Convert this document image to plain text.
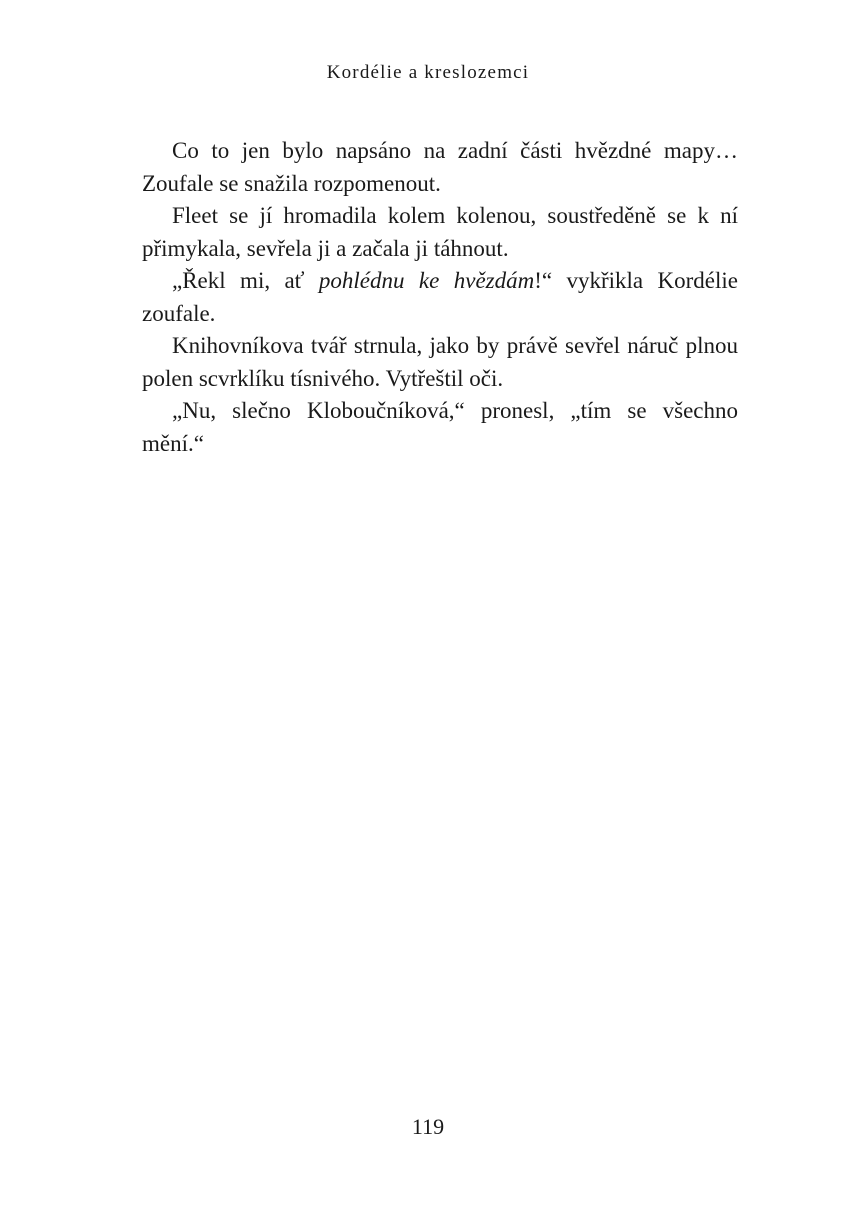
Kordélie a kreslozemci

Co to jen bylo napsáno na zadní části hvězdné mapy… Zoufale se snažila rozpomenout.

Fleet se jí hromadila kolem kolenou, soustředěně se k ní přimykala, sevřela ji a začala ji táhnout.

„Řekl mi, ať pohlédnu ke hvězdám!“ vykřikla Kordélie zoufale.

Knihovníkova tvář strnula, jako by právě sevřel náruč plnou polen scvrklíku tísnivého. Vytřeštil oči.

„Nu, slečno Kloboučníková,“ pronesl, „tím se všechno mění.“

119
